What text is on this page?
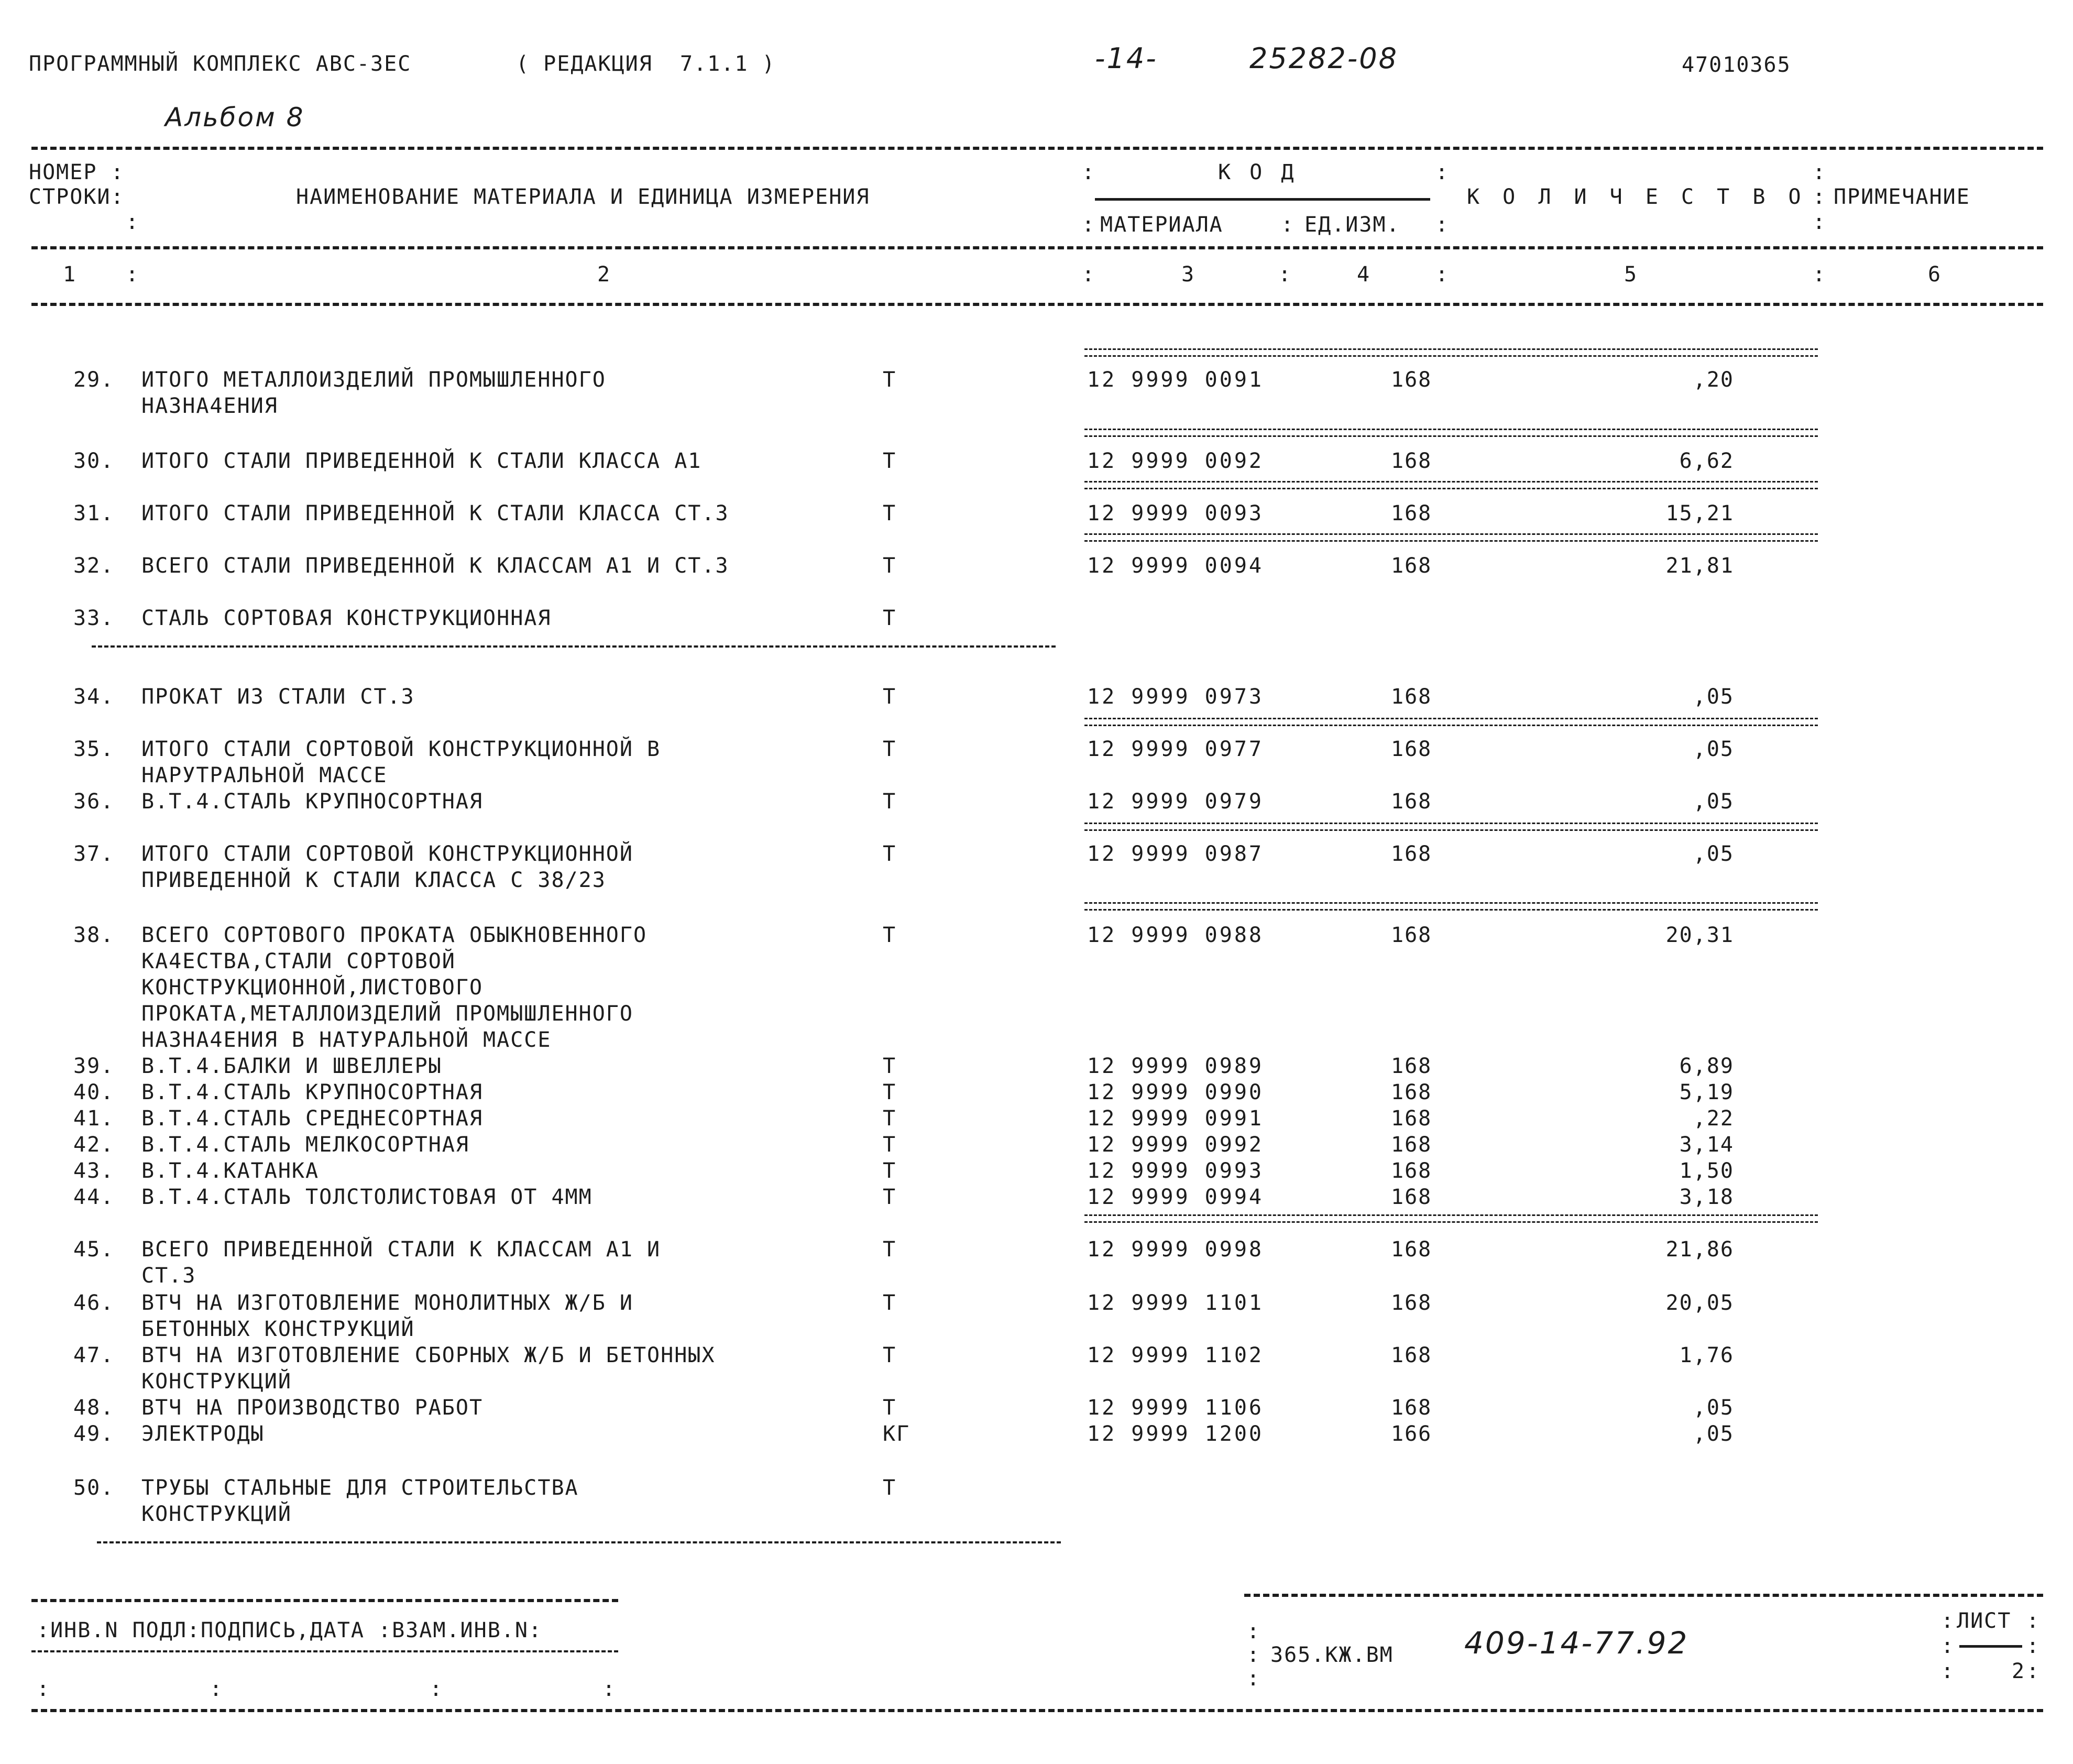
ПРОГРАММНЫЙ КОМПЛЕКС АВС-3ЕС	( РЕДАКЦИЯ  7.1.1 )	-14-	25282-08	47010365
Альбом 8
НОМЕР :
СТРОКИ:
:
НАИМЕНОВАНИЕ МАТЕРИАЛА И ЕДИНИЦА ИЗМЕРЕНИЯ
:	К О Д	:
: МАТЕРИАЛА	: ЕД.ИЗМ. :
К О Л И Ч Е С Т В О
:
:
:
ПРИМЕЧАНИЕ
1 :	2	:	3	:	4	:	5	:	6
29. ИТОГО МЕТАЛЛОИЗДЕЛИЙ ПРОМЫШЛЕННОГО
НАЗНА4ЕНИЯ
Т	12 9999 0091	168	,20
30. ИТОГО СТАЛИ ПРИВЕДЕННОЙ К СТАЛИ КЛАССА А1	Т	12 9999 0092	168	6,62
31. ИТОГО СТАЛИ ПРИВЕДЕННОЙ К СТАЛИ КЛАССА СТ.3	Т	12 9999 0093	168	15,21
32. ВСЕГО СТАЛИ ПРИВЕДЕННОЙ К КЛАССАМ А1 И СТ.3	Т	12 9999 0094	168	21,81
33. СТАЛЬ СОРТОВАЯ КОНСТРУКЦИОННАЯ	Т
34. ПРОКАТ ИЗ СТАЛИ СТ.3	Т	12 9999 0973	168	,05
35. ИТОГО СТАЛИ СОРТОВОЙ КОНСТРУКЦИОННОЙ В
НАРУТРАЛЬНОЙ МАССЕ
Т	12 9999 0977	168	,05
36. В.Т.4.СТАЛЬ КРУПНОСОРТНАЯ	Т	12 9999 0979	168	,05
37. ИТОГО СТАЛИ СОРТОВОЙ КОНСТРУКЦИОННОЙ
ПРИВЕДЕННОЙ К СТАЛИ КЛАССА С 38/23
Т	12 9999 0987	168	,05
38. ВСЕГО СОРТОВОГО ПРОКАТА ОБЫКНОВЕННОГО
КА4ЕСТВА,СТАЛИ СОРТОВОЙ
КОНСТРУКЦИОННОЙ,ЛИСТОВОГО
ПРОКАТА,МЕТАЛЛОИЗДЕЛИЙ ПРОМЫШЛЕННОГО
НАЗНА4ЕНИЯ В НАТУРАЛЬНОЙ МАССЕ
Т	12 9999 0988	168	20,31
39. В.Т.4.БАЛКИ И ШВЕЛЛЕРЫ	Т	12 9999 0989	168	6,89
40. В.Т.4.СТАЛЬ КРУПНОСОРТНАЯ	Т	12 9999 0990	168	5,19
41. В.Т.4.СТАЛЬ СРЕДНЕСОРТНАЯ	Т	12 9999 0991	168	,22
42. В.Т.4.СТАЛЬ МЕЛКОСОРТНАЯ	Т	12 9999 0992	168	3,14
43. В.Т.4.КАТАНКА	Т	12 9999 0993	168	1,50
44. В.Т.4.СТАЛЬ ТОЛСТОЛИСТОВАЯ ОТ 4ММ	Т	12 9999 0994	168	3,18
45. ВСЕГО ПРИВЕДЕННОЙ СТАЛИ К КЛАССАМ А1 И
СТ.3
Т	12 9999 0998	168	21,86
46. ВТЧ НА ИЗГОТОВЛЕНИЕ МОНОЛИТНЫХ Ж/Б И
БЕТОННЫХ КОНСТРУКЦИЙ
Т	12 9999 1101	168	20,05
47. ВТЧ НА ИЗГОТОВЛЕНИЕ СБОРНЫХ Ж/Б И БЕТОННЫХ
КОНСТРУКЦИЙ
Т	12 9999 1102	168	1,76
48. ВТЧ НА ПРОИЗВОДСТВО РАБОТ	Т	12 9999 1106	168	,05
49. ЭЛЕКТРОДЫ	КГ	12 9999 1200	166	,05
50. ТРУБЫ СТАЛЬНЫЕ ДЛЯ СТРОИТЕЛЬСТВА
КОНСТРУКЦИЙ
Т
:ИНВ.N ПОДЛ:ПОДПИСЬ,ДАТА :ВЗАМ.ИНВ.N:
:	:	:	:
:
:
:
365.КЖ.ВМ 409-14-77.92
: ЛИСТ :
:	:
:	2 :
